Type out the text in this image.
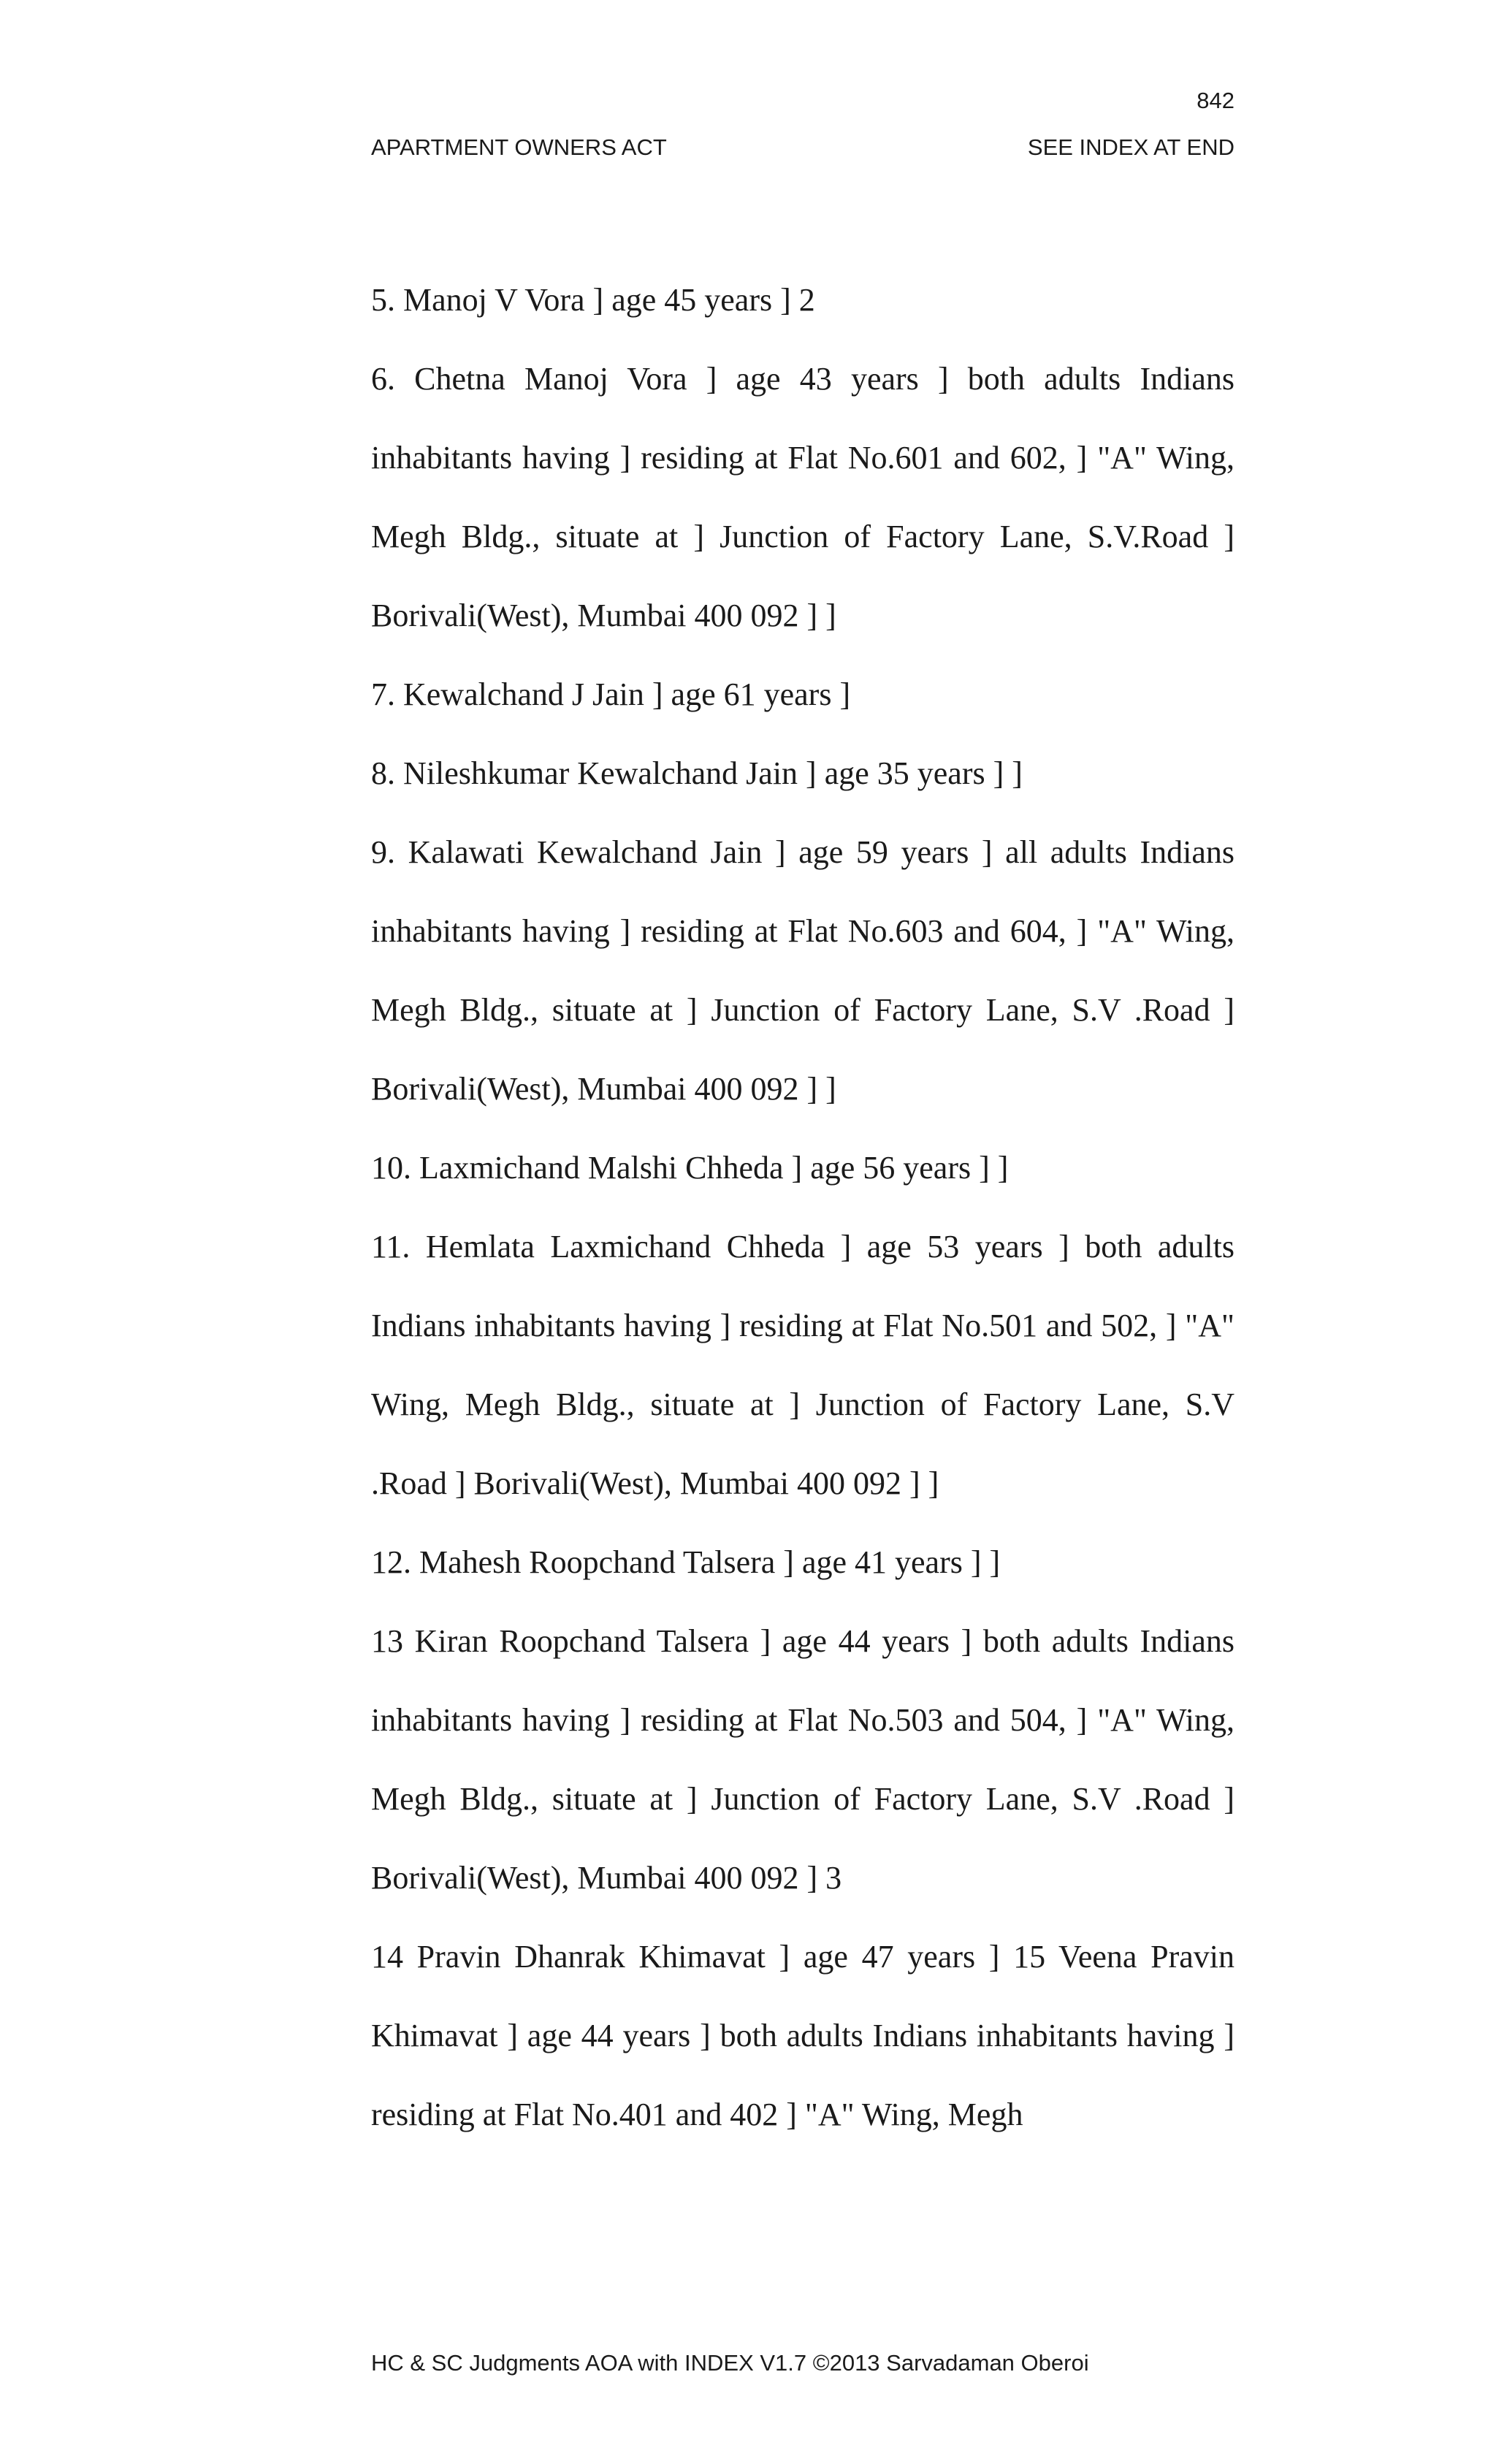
842
APARTMENT OWNERS ACT	SEE INDEX AT END

5. Manoj V Vora ] age 45 years ] 2

6. Chetna Manoj Vora ] age 43 years ] both adults Indians inhabitants having ] residing at Flat No.601 and 602, ] "A" Wing, Megh Bldg., situate at ] Junction of Factory Lane, S.V.Road ] Borivali(West), Mumbai 400 092 ] ]

7. Kewalchand J Jain ] age 61 years ]

8. Nileshkumar Kewalchand Jain ] age 35 years ] ]

9. Kalawati Kewalchand Jain ] age 59 years ] all adults Indians inhabitants having ] residing at Flat No.603 and 604, ] "A" Wing, Megh Bldg., situate at ] Junction of Factory Lane, S.V .Road ] Borivali(West), Mumbai 400 092 ] ]

10. Laxmichand Malshi Chheda ] age 56 years ] ]

11. Hemlata Laxmichand Chheda ] age 53 years ] both adults Indians inhabitants having ] residing at Flat No.501 and 502, ] "A" Wing, Megh Bldg., situate at ] Junction of Factory Lane, S.V .Road ] Borivali(West), Mumbai 400 092 ] ]

12. Mahesh Roopchand Talsera ] age 41 years ] ]

13 Kiran Roopchand Talsera ] age 44 years ] both adults Indians inhabitants having ] residing at Flat No.503 and 504, ] "A" Wing, Megh Bldg., situate at ] Junction of Factory Lane, S.V .Road ] Borivali(West), Mumbai 400 092 ] 3

14 Pravin Dhanrak Khimavat ] age 47 years ] 15 Veena Pravin Khimavat ] age 44 years ] both adults Indians inhabitants having ] residing at Flat No.401 and 402 ] "A" Wing, Megh

HC & SC Judgments AOA with INDEX V1.7 ©2013 Sarvadaman Oberoi
